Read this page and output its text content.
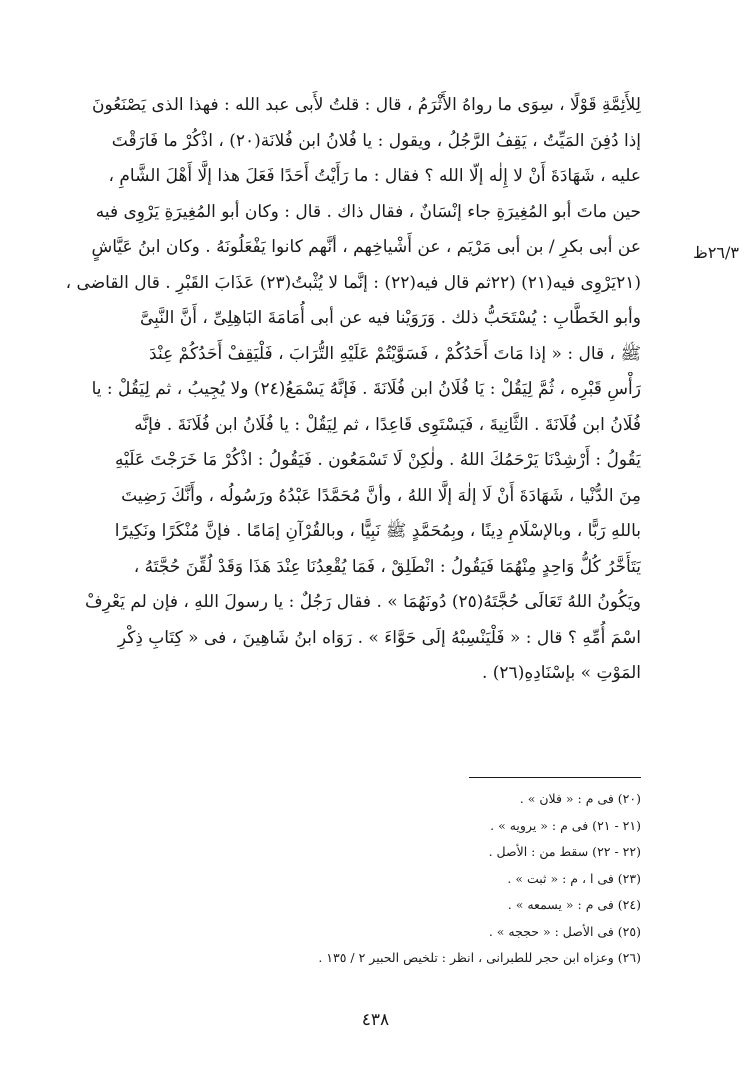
لِلأَئِمَّةِ قَوْلًا ، سِوَى ما رواهُ الأَثْرَمُ ، قال : قلتُ لأَبى عبد الله : فهذا الذى يَصْنَعُونَ
إذا دُفِنَ المَيِّتُ ، يَقِفُ الرَّجُلُ ، ويقول : يا فُلانُ ابن فُلانَة(٢٠) ، اذْكُرْ ما فَارَقْتَ
عليه ، شَهَادَةَ أَنْ لا إِلٰه إلّا الله ؟ فقال : ما رَأَيْتُ أَحَدًا فَعَلَ هذا إلَّا أَهْلَ الشَّامِ ،
حين ماتَ أبو المُغِيرَةِ جاء إنْسَانٌ ، فقال ذاك . قال : وكان أبو المُغِيرَةِ يَرْوِى فيه
عن أبى بكرِ / بن أبى مَرْيَم ، عن أَشْياخِهم ، أنَّهم كانوا يَفْعَلُونَهُ . وكان ابنُ عَيَّاشٍ
(٢١يَرْوِى فيه(٢١) (٢٢ثم قال فيه(٢٢) : إنَّما لا يُثْبتُ(٢٣) عَذَابَ القَبْرِ . قال القاضى ،
وأبو الخَطَّابِ : يُسْتَحَبُّ ذلك . وَرَوَيْنا فيه عن أبى أُمَامَةَ البَاهِلِىِّ ، أَنَّ النَّبِىَّ
ﷺ ، قال : « إذا مَاتَ أَحَدُكُمْ ، فَسَوَّيْتُمْ عَلَيْهِ التُّرَابَ ، فَلْيَقِفْ أَحَدُكُمْ عِنْدَ
رَأْسِ قَبْرِه ، ثُمَّ لِيَقُلْ : يَا فُلَانُ ابن فُلَانَةَ . فَإنَّهُ يَسْمَعُ(٢٤) ولا يُجِيبُ ، ثم لِيَقُلْ : يا
فُلَانُ ابن فُلَانَةَ . الثَّانِيةَ ، فَيَسْتَوِى قَاعِدًا ، ثم لِيَقُلْ : يا فُلَانُ ابن فُلَانَةَ . فإنَّه
يَقُولُ : أَرْشِدْنَا يَرْحَمُكَ اللهُ . ولٰكِنْ لَا تَسْمَعُون . فَيَقُولُ : اذْكُرْ مَا خَرَجْتَ عَلَيْهِ
مِنَ الدُّنْيا ، شَهَادَةَ أَنْ لَا إلٰهَ إلَّا اللهُ ، وأنَّ مُحَمَّدًا عَبْدُهُ ورَسُولُه ، وأَنَّكَ رَضِيتَ
باللهِ رَبًّا ، وبالإسْلَامِ دِينًا ، وبِمُحَمَّدٍ ﷺ نَبِيًّا ، وبالقُرْآنِ إمَامًا . فإنَّ مُنْكَرًا ونَكِيرًا
يَتَأَخَّرُ كُلُّ وَاحِدٍ مِنْهُمَا فَيَقُولُ : انْطَلِقْ ، فَمَا يُقْعِدُنَا عِنْدَ هَذَا وَقَدْ لُقِّنَ حُجَّتَهُ ،
ويَكُونُ اللهُ تَعَالَى حُجَّتَهُ(٢٥) دُونَهُمَا » . فقال رَجُلٌ : يا رسولَ اللهِ ، فإن لم يَعْرِفْ
اسْمَ أُمِّهِ ؟ قال : « فَلْيَنْسِبْهُ إلَى حَوَّاءَ » . رَوَاه ابنُ شَاهِينَ ، فى « كِتَابِ ذِكْرِ
المَوْتِ » بإسْنَادِهِ(٢٦) .
٢٦/٣ظ
(٢٠) فى م : « فلان » .
(٢١ - ٢١) فى م : « يرويه » .
(٢٢ - ٢٢) سقط من : الأصل .
(٢٣) فى ا ، م : « ثبت » .
(٢٤) فى م : « يسمعه » .
(٢٥) فى الأصل : « حججه » .
(٢٦) وعزاه ابن حجر للطبرانى ، انظر : تلخيص الحبير ٢ / ١٣٥ .
٤٣٨
